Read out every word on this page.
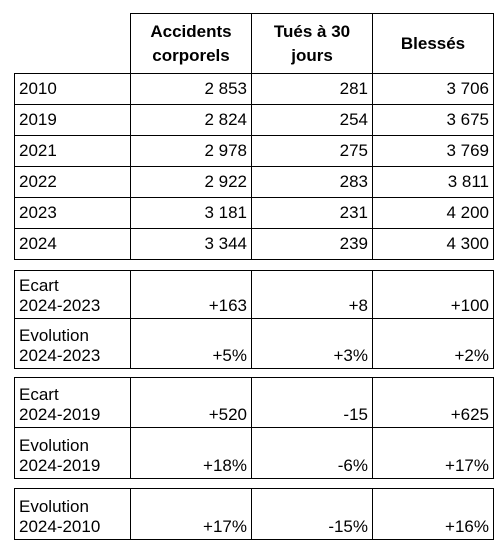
	Accidents corporels	Tués à 30 jours	Blessés
2010	2 853	281	3 706
2019	2 824	254	3 675
2021	2 978	275	3 769
2022	2 922	283	3 811
2023	3 181	231	4 200
2024	3 344	239	4 300
Ecart
2024-2023	+163	+8	+100
Evolution
2024-2023	+5%	+3%	+2%
Ecart
2024-2019	+520	-15	+625
Evolution
2024-2019	+18%	-6%	+17%
Evolution
2024-2010	+17%	-15%	+16%
